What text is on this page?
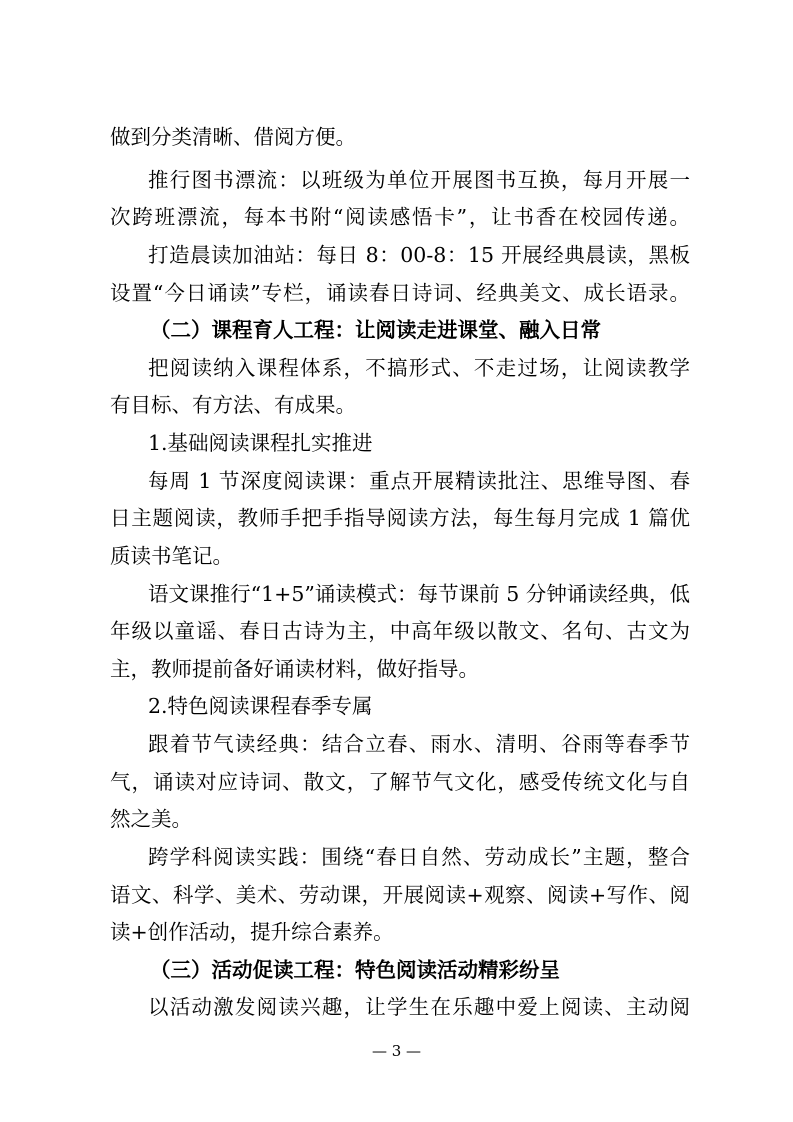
做到分类清晰、借阅方便。
推行图书漂流：以班级为单位开展图书互换，每月开展一
次跨班漂流，每本书附“阅读感悟卡”，让书香在校园传递。
打造晨读加油站：每日 8：00-8：15 开展经典晨读，黑板
设置“今日诵读”专栏，诵读春日诗词、经典美文、成长语录。
（二）课程育人工程：让阅读走进课堂、融入日常
把阅读纳入课程体系，不搞形式、不走过场，让阅读教学
有目标、有方法、有成果。
1.基础阅读课程扎实推进
每周 1 节深度阅读课：重点开展精读批注、思维导图、春
日主题阅读，教师手把手指导阅读方法，每生每月完成 1 篇优
质读书笔记。
语文课推行“1+5”诵读模式：每节课前 5 分钟诵读经典，低
年级以童谣、春日古诗为主，中高年级以散文、名句、古文为
主，教师提前备好诵读材料，做好指导。
2.特色阅读课程春季专属
跟着节气读经典：结合立春、雨水、清明、谷雨等春季节
气，诵读对应诗词、散文，了解节气文化，感受传统文化与自
然之美。
跨学科阅读实践：围绕“春日自然、劳动成长”主题，整合
语文、科学、美术、劳动课，开展阅读+观察、阅读+写作、阅
读+创作活动，提升综合素养。
（三）活动促读工程：特色阅读活动精彩纷呈
以活动激发阅读兴趣，让学生在乐趣中爱上阅读、主动阅
— 3 —
